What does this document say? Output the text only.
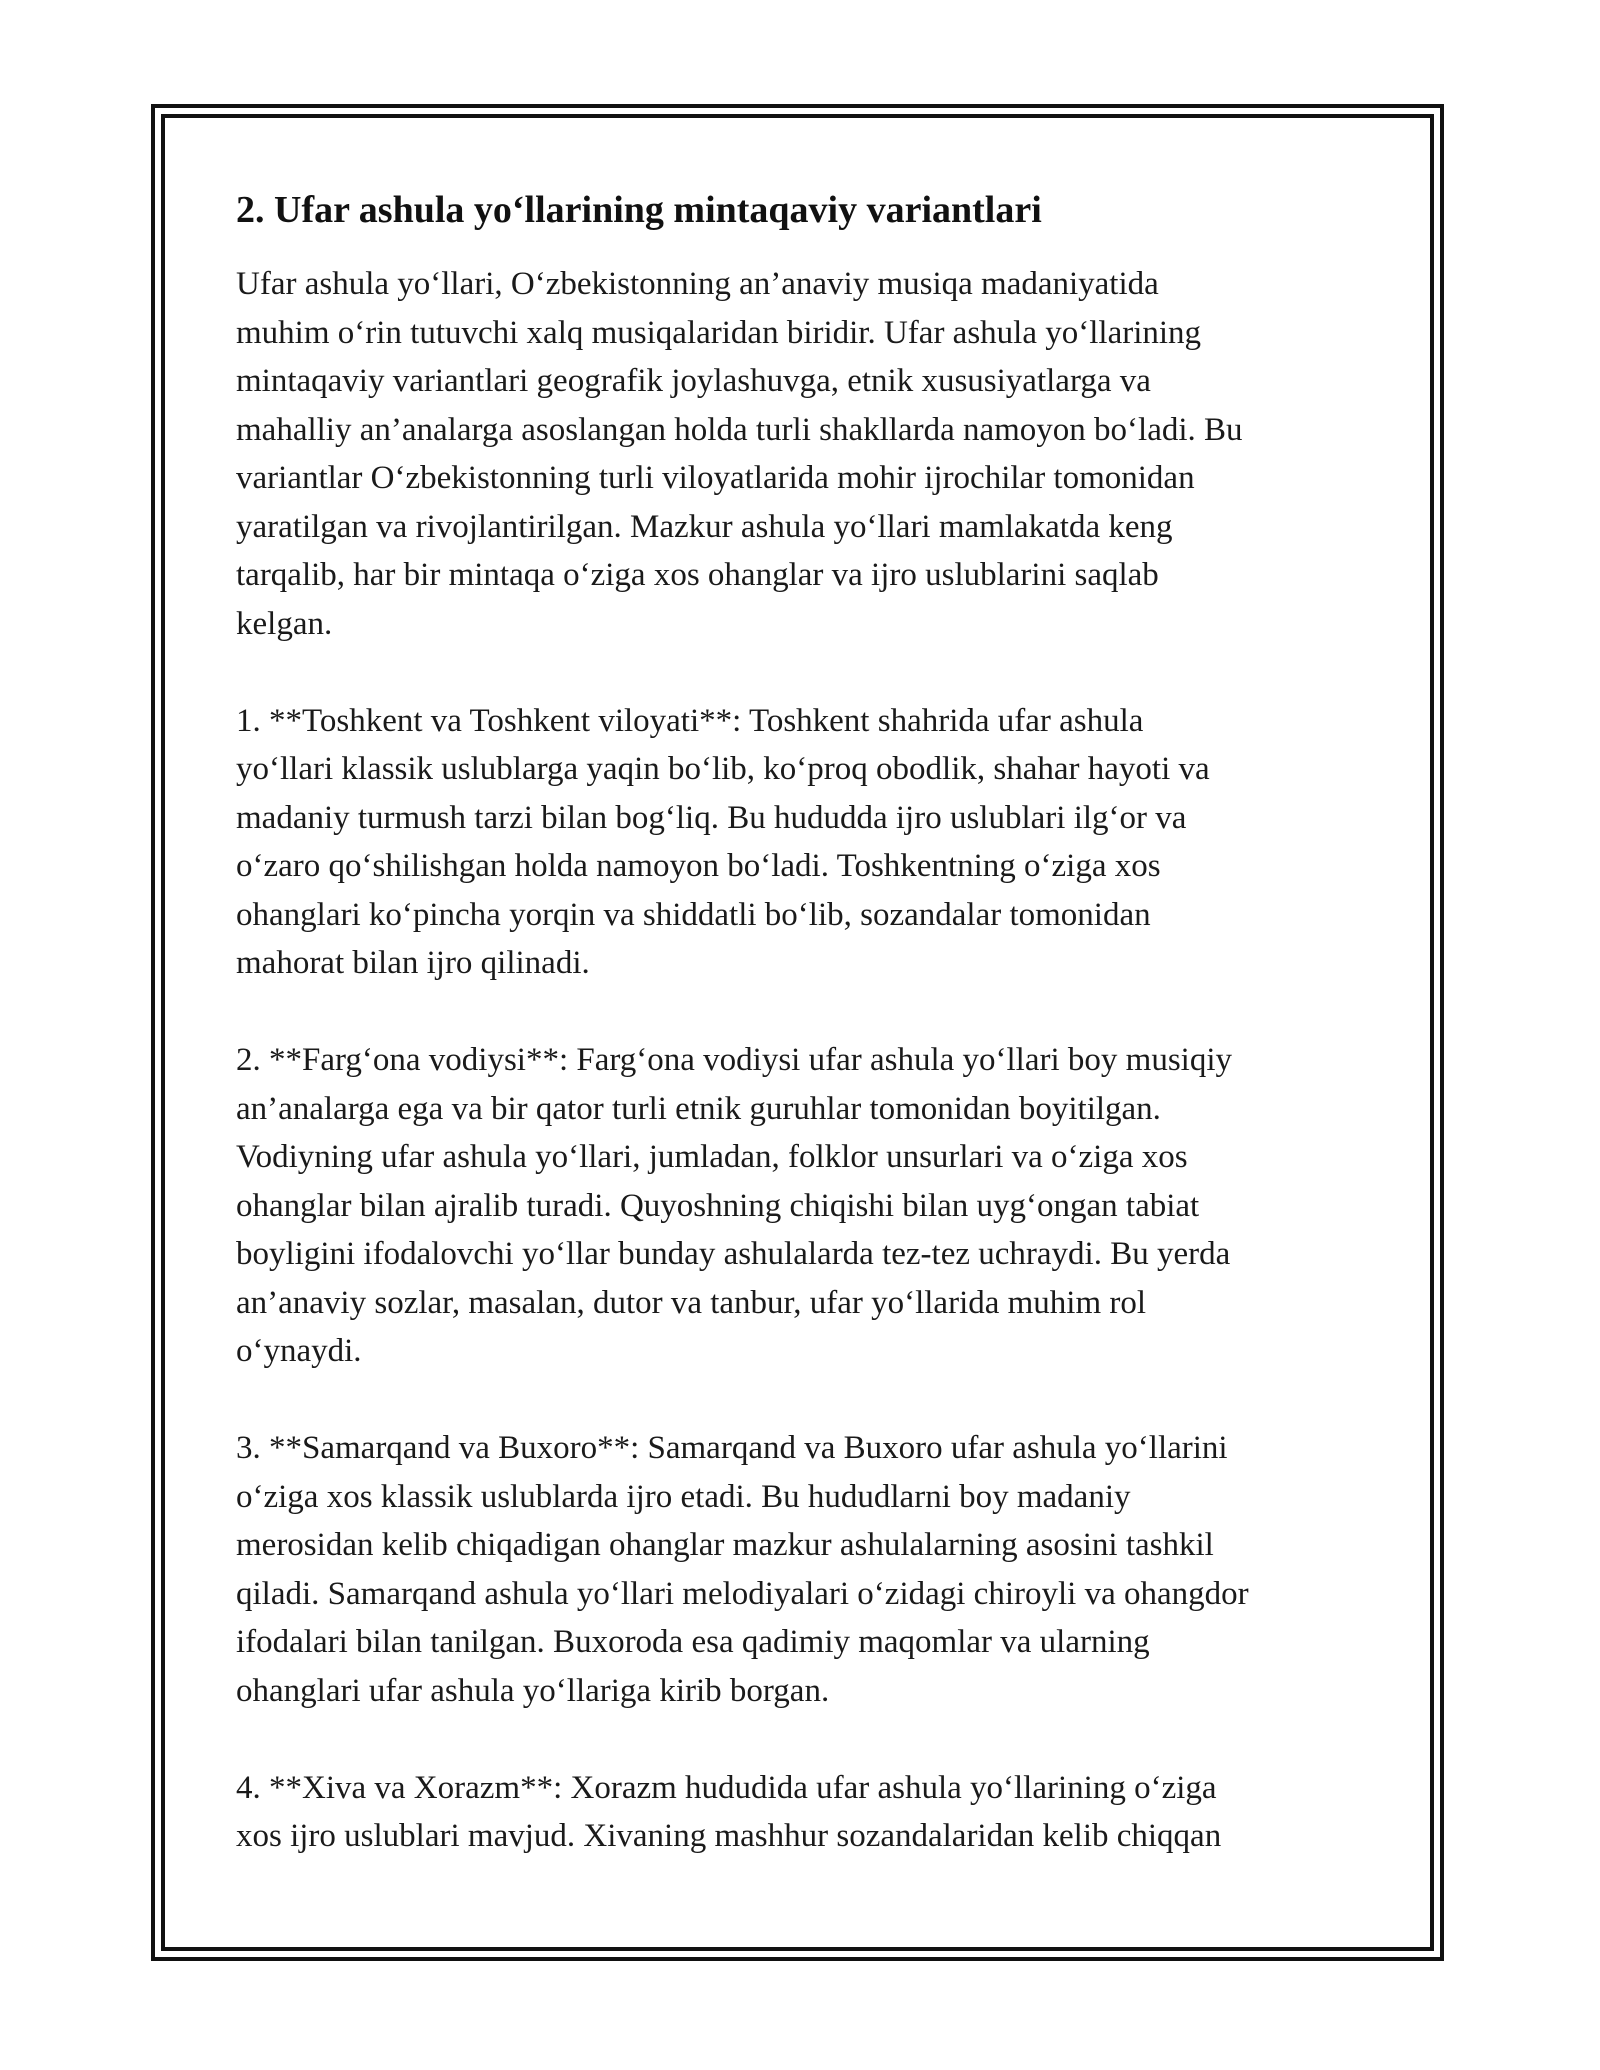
2. Ufar ashula yo‘llarining mintaqaviy variantlari
Ufar ashula yo‘llari, O‘zbekistonning an’anaviy musiqa madaniyatida
muhim o‘rin tutuvchi xalq musiqalaridan biridir. Ufar ashula yo‘llarining
mintaqaviy variantlari geografik joylashuvga, etnik xususiyatlarga va
mahalliy an’analarga asoslangan holda turli shakllarda namoyon bo‘ladi. Bu
variantlar O‘zbekistonning turli viloyatlarida mohir ijrochilar tomonidan
yaratilgan va rivojlantirilgan. Mazkur ashula yo‘llari mamlakatda keng
tarqalib, har bir mintaqa o‘ziga xos ohanglar va ijro uslublarini saqlab
kelgan.
1. **Toshkent va Toshkent viloyati**: Toshkent shahrida ufar ashula
yo‘llari klassik uslublarga yaqin bo‘lib, ko‘proq obodlik, shahar hayoti va
madaniy turmush tarzi bilan bog‘liq. Bu hududda ijro uslublari ilg‘or va
o‘zaro qo‘shilishgan holda namoyon bo‘ladi. Toshkentning o‘ziga xos
ohanglari ko‘pincha yorqin va shiddatli bo‘lib, sozandalar tomonidan
mahorat bilan ijro qilinadi.
2. **Farg‘ona vodiysi**: Farg‘ona vodiysi ufar ashula yo‘llari boy musiqiy
an’analarga ega va bir qator turli etnik guruhlar tomonidan boyitilgan.
Vodiyning ufar ashula yo‘llari, jumladan, folklor unsurlari va o‘ziga xos
ohanglar bilan ajralib turadi. Quyoshning chiqishi bilan uyg‘ongan tabiat
boyligini ifodalovchi yo‘llar bunday ashulalarda tez-tez uchraydi. Bu yerda
an’anaviy sozlar, masalan, dutor va tanbur, ufar yo‘llarida muhim rol
o‘ynaydi.
3. **Samarqand va Buxoro**: Samarqand va Buxoro ufar ashula yo‘llarini
o‘ziga xos klassik uslublarda ijro etadi. Bu hududlarni boy madaniy
merosidan kelib chiqadigan ohanglar mazkur ashulalarning asosini tashkil
qiladi. Samarqand ashula yo‘llari melodiyalari o‘zidagi chiroyli va ohangdor
ifodalari bilan tanilgan. Buxoroda esa qadimiy maqomlar va ularning
ohanglari ufar ashula yo‘llariga kirib borgan.
4. **Xiva va Xorazm**: Xorazm hududida ufar ashula yo‘llarining o‘ziga
xos ijro uslublari mavjud. Xivaning mashhur sozandalaridan kelib chiqqan
